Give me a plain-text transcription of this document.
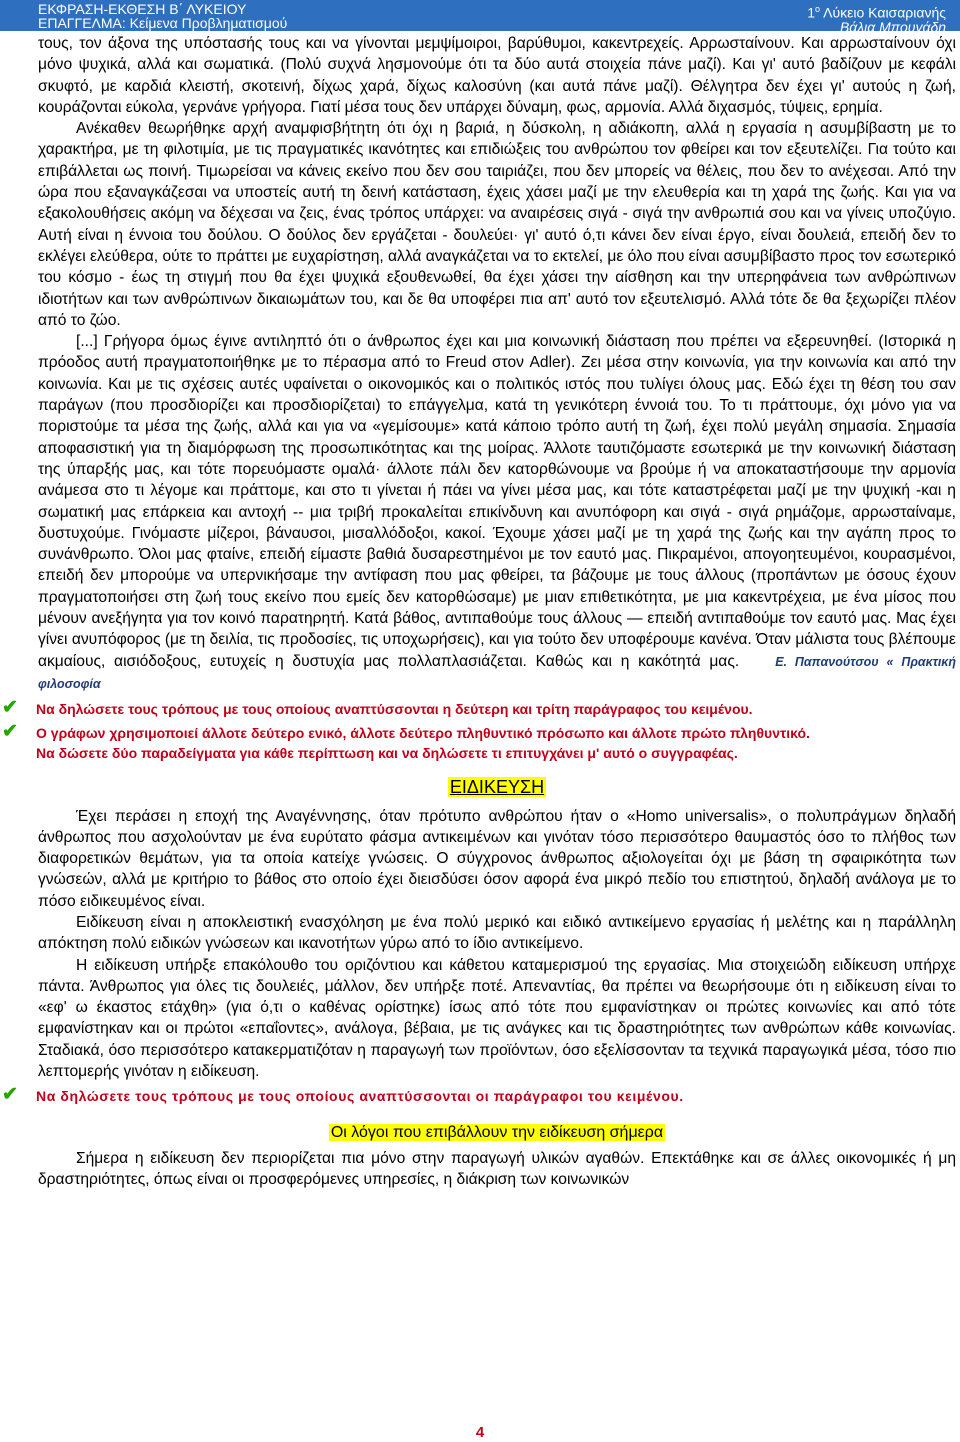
ΕΚΦΡΑΣΗ-ΕΚΘΕΣΗ Β΄ ΛΥΚΕΙΟΥ
ΕΠΑΓΓΕΛΜΑ: Κείμενα Προβληματισμού
$1^o$ Λύκειο Καισαριανής
Βάλια Μπουγάδη

τους, τον άξονα της υπόστασής τους και να γίνονται μεμψίμοιροι, βαρύθυμοι, κακεντρεχείς. Αρρωσταίνουν. Και αρρωσταίνουν όχι μόνο ψυχικά, αλλά και σωματικά. (Πολύ συχνά λησμονούμε ότι τα δύο αυτά στοιχεία πάνε μαζί). Και γι' αυτό βαδίζουν με κεφάλι σκυφτό, με καρδιά κλειστή, σκοτεινή, δίχως χαρά, δίχως καλοσύνη (και αυτά πάνε μαζί). Θέλγητρα δεν έχει γι' αυτούς η ζωή, κουράζονται εύκολα, γερνάνε γρήγορα. Γιατί μέσα τους δεν υπάρχει δύναμη, φως, αρμονία. Αλλά διχασμός, τύψεις, ερημία.

Ανέκαθεν θεωρήθηκε αρχή αναμφισβήτητη ότι όχι η βαριά, η δύσκολη, η αδιάκοπη, αλλά η εργασία η ασυμβίβαστη με το χαρακτήρα, με τη φιλοτιμία, με τις πραγματικές ικανότητες και επιδιώξεις του ανθρώπου τον φθείρει και τον εξευτελίζει. Για τούτο και επιβάλλεται ως ποινή. Τιμωρείσαι να κάνεις εκείνο που δεν σου ταιριάζει, που δεν μπορείς να θέλεις, που δεν το ανέχεσαι. Από την ώρα που εξαναγκάζεσαι να υποστείς αυτή τη δεινή κατάσταση, έχεις χάσει μαζί με την ελευθερία και τη χαρά της ζωής. Και για να εξακολουθήσεις ακόμη να δέχεσαι να ζεις, ένας τρόπος υπάρχει: να αναιρέσεις σιγά - σιγά την ανθρωπιά σου και να γίνεις υποζύγιο. Αυτή είναι η έννοια του δούλου. Ο δούλος δεν εργάζεται - δουλεύει· γι' αυτό ό,τι κάνει δεν είναι έργο, είναι δουλειά, επειδή δεν το εκλέγει ελεύθερα, ούτε το πράττει με ευχαρίστηση, αλλά αναγκάζεται να το εκτελεί, με όλο που είναι ασυμβίβαστο προς τον εσωτερικό του κόσμο - έως τη στιγμή που θα έχει ψυχικά εξουθενωθεί, θα έχει χάσει την αίσθηση και την υπερηφάνεια των ανθρώπινων ιδιοτήτων και των ανθρώπινων δικαιωμάτων του, και δε θα υποφέρει πια απ' αυτό τον εξευτελισμό. Αλλά τότε δε θα ξεχωρίζει πλέον από το ζώο.

[...] Γρήγορα όμως έγινε αντιληπτό ότι ο άνθρωπος έχει και μια κοινωνική διάσταση που πρέπει να εξερευνηθεί. (Ιστορικά η πρόοδος αυτή πραγματοποιήθηκε με το πέρασμα από το Freud στον Adler). Ζει μέσα στην κοινωνία, για την κοινωνία και από την κοινωνία. Και με τις σχέσεις αυτές υφαίνεται ο οικονομικός και ο πολιτικός ιστός που τυλίγει όλους μας. Εδώ έχει τη θέση του σαν παράγων (που προσδιορίζει και προσδιορίζεται) το επάγγελμα, κατά τη γενικότερη έννοιά του. Το τι πράττουμε, όχι μόνο για να ποριστούμε τα μέσα της ζωής, αλλά και για να «γεμίσουμε» κατά κάποιο τρόπο αυτή τη ζωή, έχει πολύ μεγάλη σημασία. Σημασία αποφασιστική για τη διαμόρφωση της προσωπικότητας και της μοίρας. Άλλοτε ταυτιζόμαστε εσωτερικά με την κοινωνική διάσταση της ύπαρξής μας, και τότε πορευόμαστε ομαλά· άλλοτε πάλι δεν κατορθώνουμε να βρούμε ή να αποκαταστήσουμε την αρμονία ανάμεσα στο τι λέγομε και πράττομε, και στο τι γίνεται ή πάει να γίνει μέσα μας, και τότε καταστρέφεται μαζί με την ψυχική -και η σωματική μας επάρκεια και αντοχή -- μια τριβή προκαλείται επικίνδυνη και ανυπόφορη και σιγά - σιγά ρημάζομε, αρρωσταίναμε, δυστυχούμε. Γινόμαστε μίζεροι, βάναυσοι, μισαλλόδοξοι, κακοί. Έχουμε χάσει μαζί με τη χαρά της ζωής και την αγάπη προς το συνάνθρωπο. Όλοι μας φταίνε, επειδή είμαστε βαθιά δυσαρεστημένοι με τον εαυτό μας. Πικραμένοι, απογοητευμένοι, κουρασμένοι, επειδή δεν μπορούμε να υπερνικήσαμε την αντίφαση που μας φθείρει, τα βάζουμε με τους άλλους (προπάντων με όσους έχουν πραγματοποιήσει στη ζωή τους εκείνο που εμείς δεν κατορθώσαμε) με μιαν επιθετικότητα, με μια κακεντρέχεια, με ένα μίσος που μένουν ανεξήγητα για τον κοινό παρατηρητή. Κατά βάθος, αντιπαθούμε τους άλλους — επειδή αντιπαθούμε τον εαυτό μας. Μας έχει γίνει ανυπόφορος (με τη δειλία, τις προδοσίες, τις υποχωρήσεις), και για τούτο δεν υποφέρουμε κανένα. Όταν μάλιστα τους βλέπουμε ακμαίους, αισιόδοξους, ευτυχείς η δυστυχία μας πολλαπλασιάζεται. Καθώς και η κακότητά μας.	Ε. Παπανούτσου « Πρακτική φιλοσοφία

✔ Να δηλώσετε τους τρόπους με τους οποίους αναπτύσσονται η δεύτερη και τρίτη παράγραφος του κειμένου.

✔ Ο γράφων χρησιμοποιεί άλλοτε δεύτερο ενικό, άλλοτε δεύτερο πληθυντικό πρόσωπο και άλλοτε πρώτο πληθυντικό.
Να δώσετε δύο παραδείγματα για κάθε περίπτωση και να δηλώσετε τι επιτυγχάνει μ' αυτό ο συγγραφέας.

ΕΙΔΙΚΕΥΣΗ

Έχει περάσει η εποχή της Αναγέννησης, όταν πρότυπο ανθρώπου ήταν ο «Homo universalis», ο πολυπράγμων δηλαδή άνθρωπος που ασχολούνταν με ένα ευρύτατο φάσμα αντικειμένων και γινόταν τόσο περισσότερο θαυμαστός όσο το πλήθος των διαφορετικών θεμάτων, για τα οποία κατείχε γνώσεις. Ο σύγχρονος άνθρωπος αξιολογείται όχι με βάση τη σφαιρικότητα των γνώσεών, αλλά με κριτήριο το βάθος στο οποίο έχει διεισδύσει όσον αφορά ένα μικρό πεδίο του επιστητού, δηλαδή ανάλογα με το πόσο ειδικευμένος είναι.

Ειδίκευση είναι η αποκλειστική ενασχόληση με ένα πολύ μερικό και ειδικό αντικείμενο εργασίας ή μελέτης και η παράλληλη απόκτηση πολύ ειδικών γνώσεων και ικανοτήτων γύρω από το ίδιο αντικείμενο.

Η ειδίκευση υπήρξε επακόλουθο του οριζόντιου και κάθετου καταμερισμού της εργασίας. Μια στοιχειώδη ειδίκευση υπήρχε πάντα. Άνθρωπος για όλες τις δουλειές, μάλλον, δεν υπήρξε ποτέ. Απεναντίας, θα πρέπει να θεωρήσουμε ότι η ειδίκευση είναι το «εφ' ω έκαστος ετάχθη» (για ό,τι ο καθένας ορίστηκε) ίσως από τότε που εμφανίστηκαν οι πρώτες κοινωνίες και από τότε εμφανίστηκαν και οι πρώτοι «επαΐοντες», ανάλογα, βέβαια, με τις ανάγκες και τις δραστηριότητες των ανθρώπων κάθε κοινωνίας. Σταδιακά, όσο περισσότερο κατακερματιζόταν η παραγωγή των προϊόντων, όσο εξελίσσονταν τα τεχνικά παραγωγικά μέσα, τόσο πιο λεπτομερής γινόταν η ειδίκευση.

✔ Να δηλώσετε τους τρόπους με τους οποίους αναπτύσσονται οι παράγραφοι του κειμένου.

Οι λόγοι που επιβάλλουν την ειδίκευση σήμερα

Σήμερα η ειδίκευση δεν περιορίζεται πια μόνο στην παραγωγή υλικών αγαθών. Επεκτάθηκε και σε άλλες οικονομικές ή μη δραστηριότητες, όπως είναι οι προσφερόμενες υπηρεσίες, η διάκριση των κοινωνικών

4
